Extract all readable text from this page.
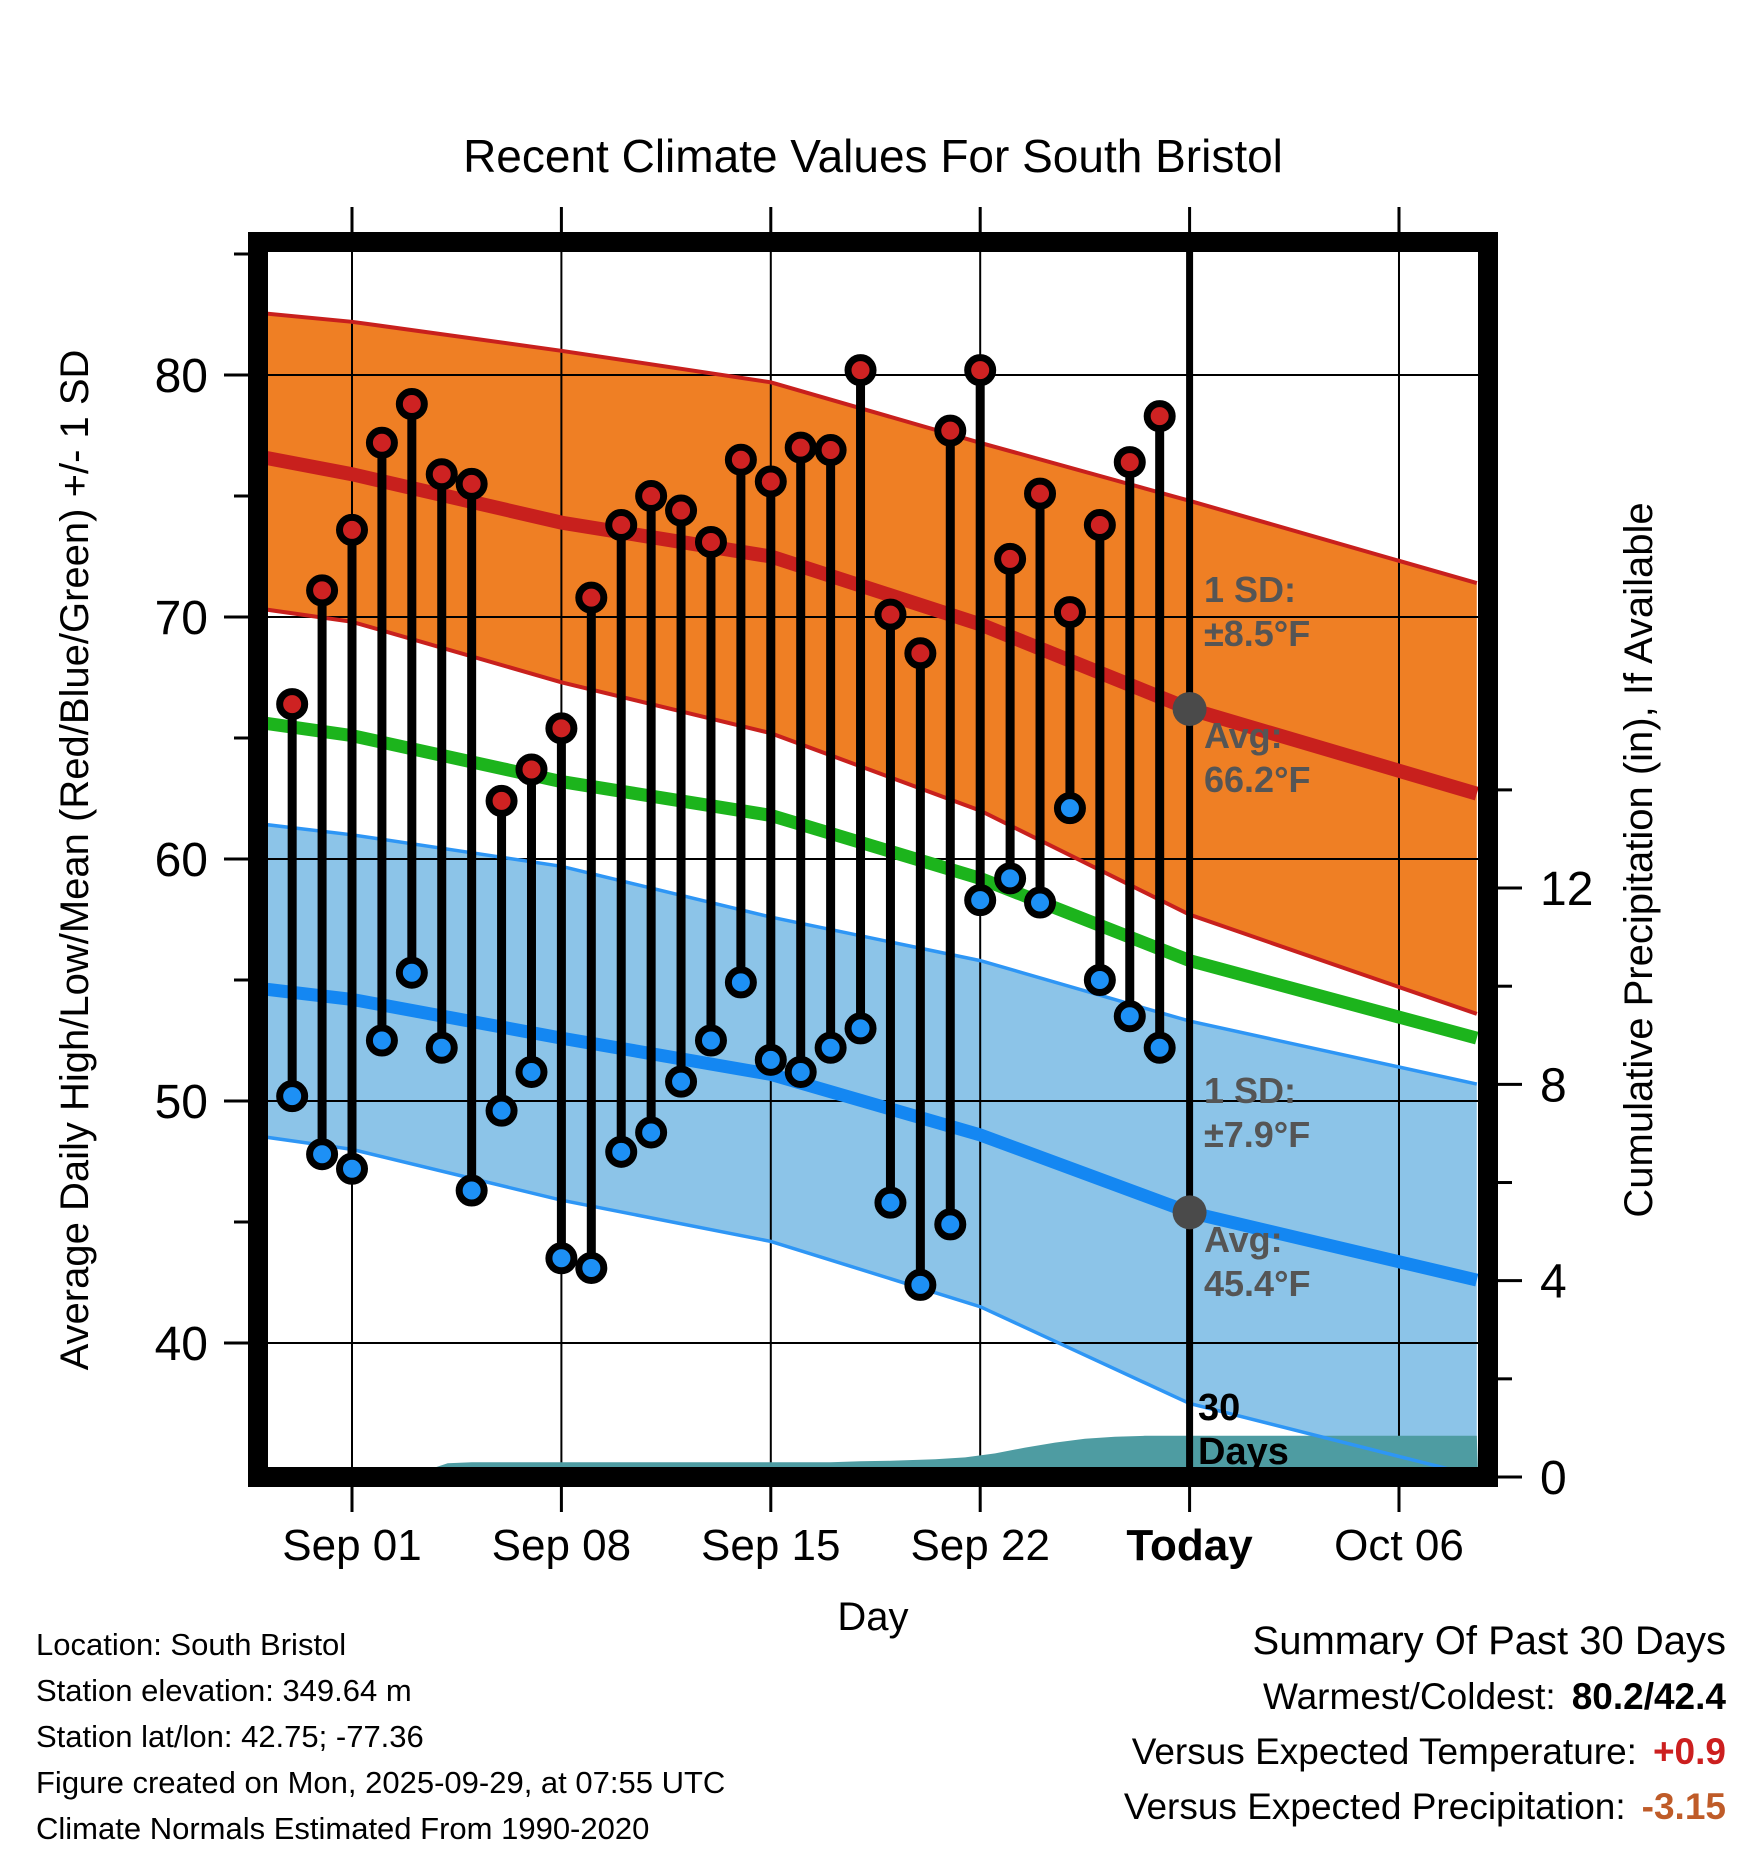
80
70
60
50
40
12
8
4
0
Sep 01 Sep 08 Sep 15 Sep 22 Today Oct 06
Recent Climate Values For South Bristol
Average Daily High/Low/Mean (Red/Blue/Green) +/- 1 SD	Cumulative Precipitation (in), If Available
Day
1 SD:
±8.5°F
Avg:
66.2°F
1 SD:
±7.9°F
Avg:
45.4°F
30
Days
Location: South Bristol
Station elevation: 349.64 m
Station lat/lon: 42.75; -77.36
Figure created on Mon, 2025-09-29, at 07:55 UTC
Climate Normals Estimated From 1990-2020
Summary Of Past 30 Days
Warmest/Coldest: 80.2/42.4
Versus Expected Temperature: +0.9
Versus Expected Precipitation: -3.15
